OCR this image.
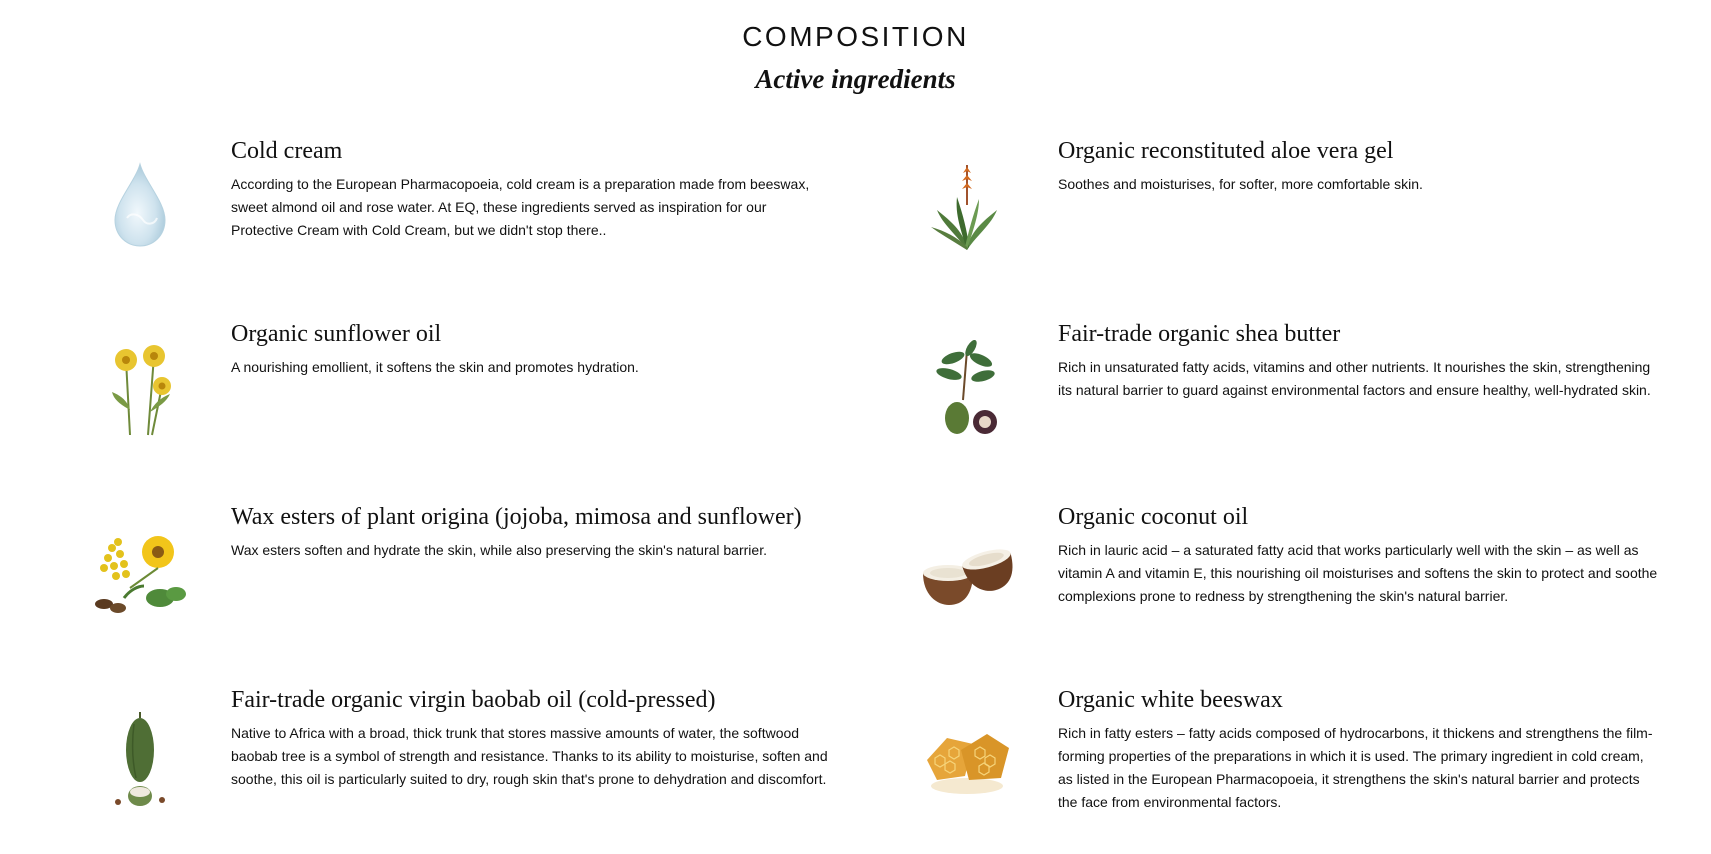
COMPOSITION
Active ingredients
Cold cream

According to the European Pharmacopoeia, cold cream is a preparation made from beeswax, sweet almond oil and rose water. At EQ, these ingredients served as inspiration for our Protective Cream with Cold Cream, but we didn't stop there..

Organic reconstituted aloe vera gel

Soothes and moisturises, for softer, more comfortable skin.

Organic sunflower oil

A nourishing emollient, it softens the skin and promotes hydration.

Fair-trade organic shea butter

Rich in unsaturated fatty acids, vitamins and other nutrients. It nourishes the skin, strengthening its natural barrier to guard against environmental factors and ensure healthy, well-hydrated skin.

Wax esters of plant origina (jojoba, mimosa and sunflower)

Wax esters soften and hydrate the skin, while also preserving the skin's natural barrier.

Organic coconut oil

Rich in lauric acid – a saturated fatty acid that works particularly well with the skin – as well as vitamin A and vitamin E, this nourishing oil moisturises and softens the skin to protect and soothe complexions prone to redness by strengthening the skin's natural barrier.

Fair-trade organic virgin baobab oil (cold-pressed)

Native to Africa with a broad, thick trunk that stores massive amounts of water, the softwood baobab tree is a symbol of strength and resistance. Thanks to its ability to moisturise, soften and soothe, this oil is particularly suited to dry, rough skin that's prone to dehydration and discomfort.

Organic white beeswax

Rich in fatty esters – fatty acids composed of hydrocarbons, it thickens and strengthens the film-forming properties of the preparations in which it is used. The primary ingredient in cold cream, as listed in the European Pharmacopoeia, it strengthens the skin's natural barrier and protects the face from environmental factors.
